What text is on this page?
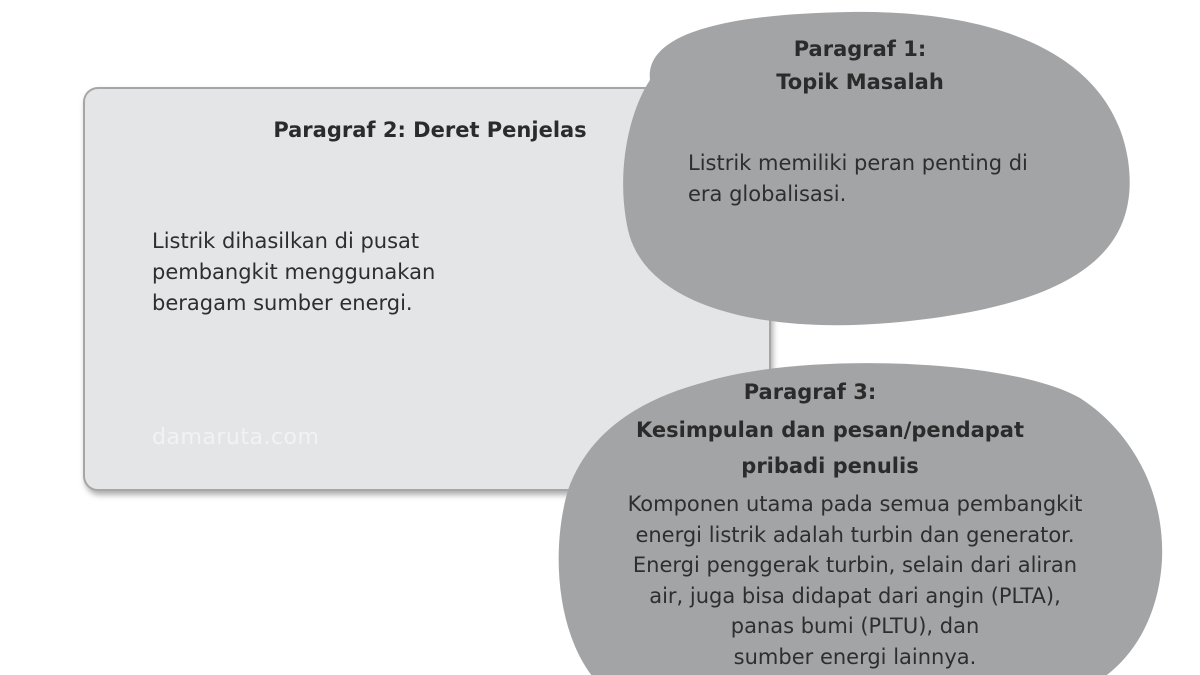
Paragraf 2: Deret Penjelas
Listrik dihasilkan di pusat
pembangkit menggunakan
beragam sumber energi.
damaruta.com
Paragraf 1:
Topik Masalah
Listrik memiliki peran penting di
era globalisasi.
Paragraf 3:
Kesimpulan dan pesan/pendapat
pribadi penulis
Komponen utama pada semua pembangkit
energi listrik adalah turbin dan generator.
Energi penggerak turbin, selain dari aliran
air, juga bisa didapat dari angin (PLTA),
panas bumi (PLTU), dan
sumber energi lainnya.
